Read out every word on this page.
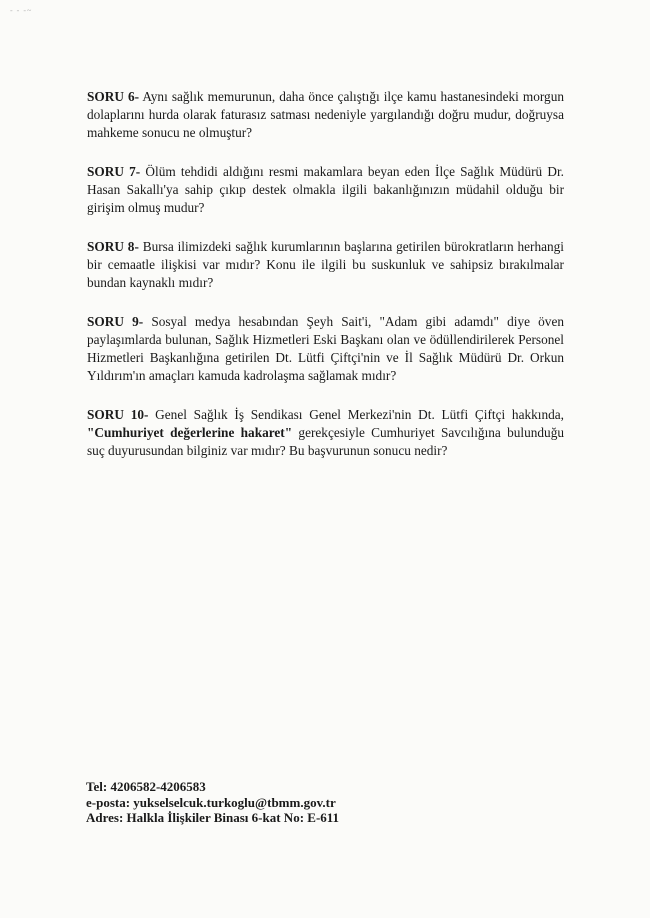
- - -~

SORU 6- Aynı sağlık memurunun, daha önce çalıştığı ilçe kamu hastanesindeki morgun dolaplarını hurda olarak faturasız satması nedeniyle yargılandığı doğru mudur, doğruysa mahkeme sonucu ne olmuştur?

SORU 7- Ölüm tehdidi aldığını resmi makamlara beyan eden İlçe Sağlık Müdürü Dr. Hasan Sakallı'ya sahip çıkıp destek olmakla ilgili bakanlığınızın müdahil olduğu bir girişim olmuş mudur?

SORU 8- Bursa ilimizdeki sağlık kurumlarının başlarına getirilen bürokratların herhangi bir cemaatle ilişkisi var mıdır? Konu ile ilgili bu suskunluk ve sahipsiz bırakılmalar bundan kaynaklı mıdır?

SORU 9- Sosyal medya hesabından Şeyh Sait'i, "Adam gibi adamdı" diye öven paylaşımlarda bulunan, Sağlık Hizmetleri Eski Başkanı olan ve ödüllendirilerek Personel Hizmetleri Başkanlığına getirilen Dt. Lütfi Çiftçi'nin ve İl Sağlık Müdürü Dr. Orkun Yıldırım'ın amaçları kamuda kadrolaşma sağlamak mıdır?

SORU 10- Genel Sağlık İş Sendikası Genel Merkezi'nin Dt. Lütfi Çiftçi hakkında, "Cumhuriyet değerlerine hakaret" gerekçesiyle Cumhuriyet Savcılığına bulunduğu suç duyurusundan bilginiz var mıdır? Bu başvurunun sonucu nedir?

Tel: 4206582-4206583
e-posta: yukselselcuk.turkoglu@tbmm.gov.tr
Adres: Halkla İlişkiler Binası 6-kat No: E-611
